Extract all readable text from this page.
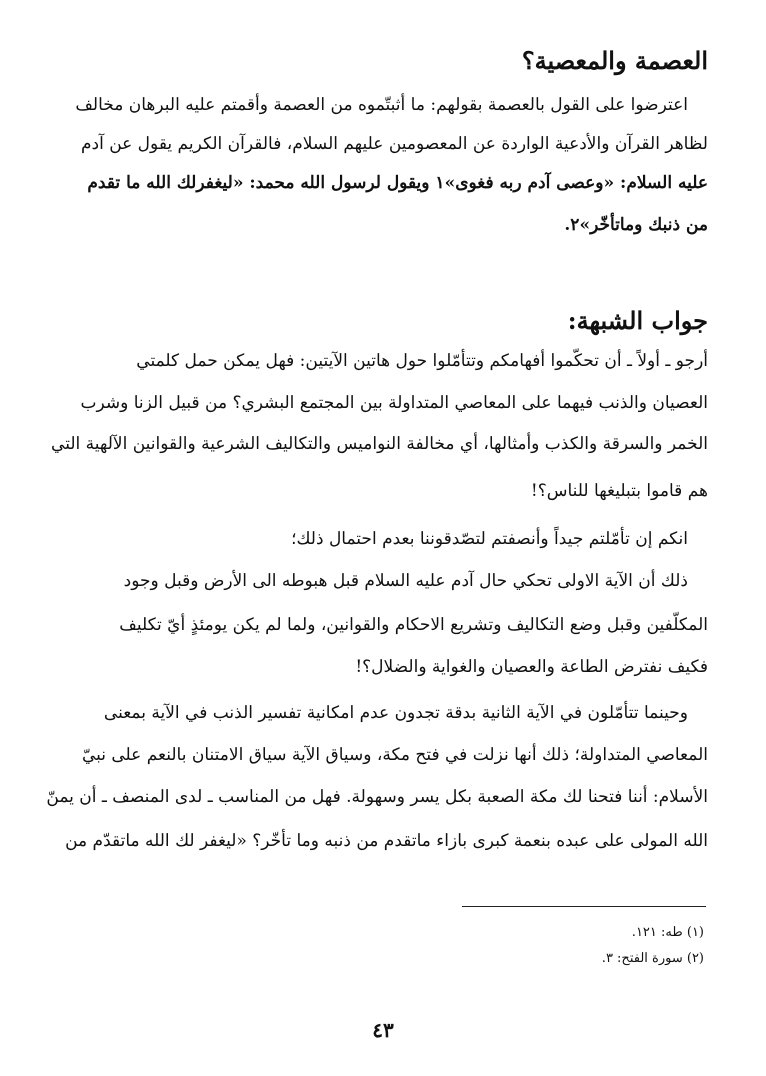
العصمة والمعصية؟
اعترضوا على القول بالعصمة بقولهم: ما أثبتّموه من العصمة وأقمتم عليه البرهان مخالف
لظاهر القرآن والأدعية الواردة عن المعصومين عليهم السلام، فالقرآن الكريم يقول عن آدم
عليه السلام: «وعصى آدم ربه فغوى»١ ويقول لرسول الله محمد: «ليغفرلك الله ما تقدم
من ذنبك وماتأخّر»٢.
جواب الشبهة:
أرجو ـ أولاً ـ أن تحكّموا أفهامكم وتتأمّلوا حول هاتين الآيتين: فهل يمكن حمل كلمتي
العصيان والذنب فيهما على المعاصي المتداولة بين المجتمع البشري؟ من قبيل الزنا وشرب
الخمر والسرقة والكذب وأمثالها، أي مخالفة النواميس والتكاليف الشرعية والقوانين الآلهية التي
هم قاموا بتبليغها للناس؟!
انكم إن تأمّلتم جيداً وأنصفتم لتصّدقوننا بعدم احتمال ذلك؛
ذلك أن الآية الاولى تحكي حال آدم عليه السلام قبل هبوطه الى الأرض وقبل وجود
المكلّفين وقبل وضع التكاليف وتشريع الاحكام والقوانين، ولما لم يكن يومئذٍ أيّ تكليف
فكيف نفترض الطاعة والعصيان والغواية والضلال؟!
وحينما تتأمّلون في الآية الثانية بدقة تجدون عدم امكانية تفسير الذنب في الآية بمعنى
المعاصي المتداولة؛ ذلك أنها نزلت في فتح مكة، وسياق الآية سياق الامتنان بالنعم على نبيّ
الأسلام: أننا فتحنا لك مكة الصعبة بكل يسر وسهولة. فهل من المناسب ـ لدى المنصف ـ أن يمنّ
الله المولى على عبده بنعمة كبرى بازاء ماتقدم من ذنبه وما تأخّر؟ «ليغفر لك الله ماتقدّم من
(١) طه: ١٢١.
(٢) سورة الفتح: ٣.
٤٣
